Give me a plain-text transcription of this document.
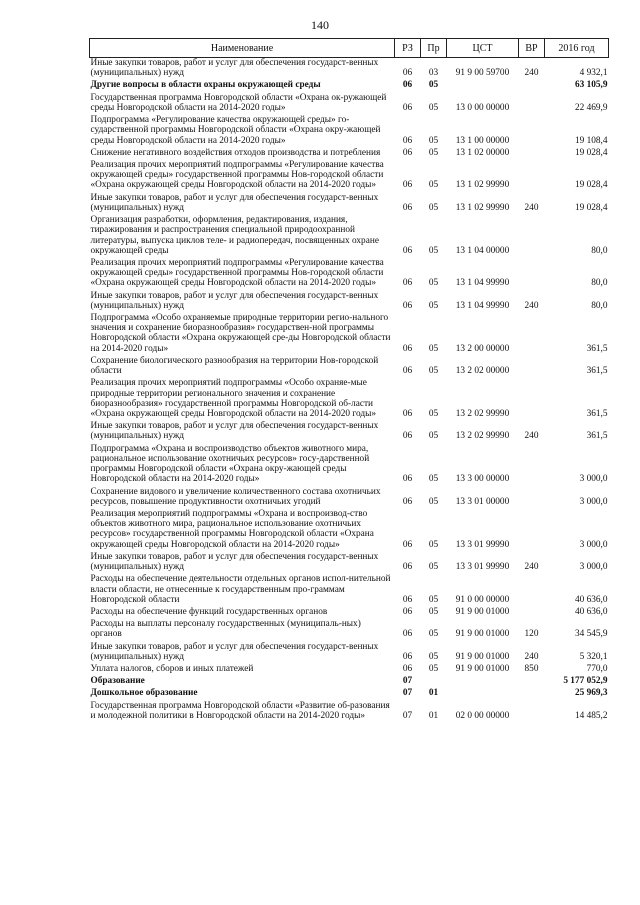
140
Наименование	РЗ	Пр	ЦСТ	ВР	2016 год
Иные закупки товаров, работ и услуг для обеспечения государст-венных (муниципальных) нужд	06	03	91 9 00 59700	240	4 932,1
Другие вопросы в области охраны окружающей среды	06	05			63 105,9
Государственная программа Новгородской области «Охрана ок-ружающей среды Новгородской области на 2014-2020 годы»	06	05	13 0 00 00000		22 469,9
Подпрограмма «Регулирование качества окружающей среды» го-сударственной программы Новгородской области «Охрана окру-жающей среды Новгородской области на 2014-2020 годы»	06	05	13 1 00 00000		19 108,4
Снижение негативного воздействия отходов производства и потребления	06	05	13 1 02 00000		19 028,4
Реализация прочих мероприятий подпрограммы «Регулирование качества окружающей среды» государственной программы Нов-городской области «Охрана окружающей среды Новгородской области на 2014-2020 годы»	06	05	13 1 02 99990		19 028,4
Иные закупки товаров, работ и услуг для обеспечения государст-венных (муниципальных) нужд	06	05	13 1 02 99990	240	19 028,4
Организация разработки, оформления, редактирования, издания, тиражирования и распространения специальной природоохранной литературы, выпуска циклов теле- и радиопередач, посвященных охране окружающей среды	06	05	13 1 04 00000		80,0
Реализация прочих мероприятий подпрограммы «Регулирование качества окружающей среды» государственной программы Нов-городской области «Охрана окружающей среды Новгородской области на 2014-2020 годы»	06	05	13 1 04 99990		80,0
Иные закупки товаров, работ и услуг для обеспечения государст-венных (муниципальных) нужд	06	05	13 1 04 99990	240	80,0
Подпрограмма «Особо охраняемые природные территории регио-нального значения и сохранение биоразнообразия» государствен-ной программы Новгородской области «Охрана окружающей сре-ды Новгородской области на 2014-2020 годы»	06	05	13 2 00 00000		361,5
Сохранение биологического разнообразия на территории Нов-городской области	06	05	13 2 02 00000		361,5
Реализация прочих мероприятий подпрограммы «Особо охраняе-мые природные территории регионального значения и сохранение биоразнообразия» государственной программы Новгородской об-ласти «Охрана окружающей среды Новгородской области на 2014-2020 годы»	06	05	13 2 02 99990		361,5
Иные закупки товаров, работ и услуг для обеспечения государст-венных (муниципальных) нужд	06	05	13 2 02 99990	240	361,5
Подпрограмма «Охрана и воспроизводство объектов животного мира, рациональное использование охотничьих ресурсов» госу-дарственной программы Новгородской области «Охрана окру-жающей среды Новгородской области на 2014-2020 годы»	06	05	13 3 00 00000		3 000,0
Сохранение видового и увеличение количественного состава охотничьих ресурсов, повышение продуктивности охотничьих угодий	06	05	13 3 01 00000		3 000,0
Реализация мероприятий подпрограммы «Охрана и воспроизвод-ство объектов животного мира, рациональное использование охотничьих ресурсов» государственной программы Новгородской области «Охрана окружающей среды Новгородской области на 2014-2020 годы»	06	05	13 3 01 99990		3 000,0
Иные закупки товаров, работ и услуг для обеспечения государст-венных (муниципальных) нужд	06	05	13 3 01 99990	240	3 000,0
Расходы на обеспечение деятельности отдельных органов испол-нительной власти области, не отнесенные к государственным про-граммам Новгородской области	06	05	91 0 00 00000		40 636,0
Расходы на обеспечение функций государственных органов	06	05	91 9 00 01000		40 636,0
Расходы на выплаты персоналу государственных (муниципаль-ных) органов	06	05	91 9 00 01000	120	34 545,9
Иные закупки товаров, работ и услуг для обеспечения государст-венных (муниципальных) нужд	06	05	91 9 00 01000	240	5 320,1
Уплата налогов, сборов и иных платежей	06	05	91 9 00 01000	850	770,0
Образование	07				5 177 052,9
Дошкольное образование	07	01			25 969,3
Государственная программа Новгородской области «Развитие об-разования и молодежной политики в Новгородской области на 2014-2020 годы»	07	01	02 0 00 00000		14 485,2
